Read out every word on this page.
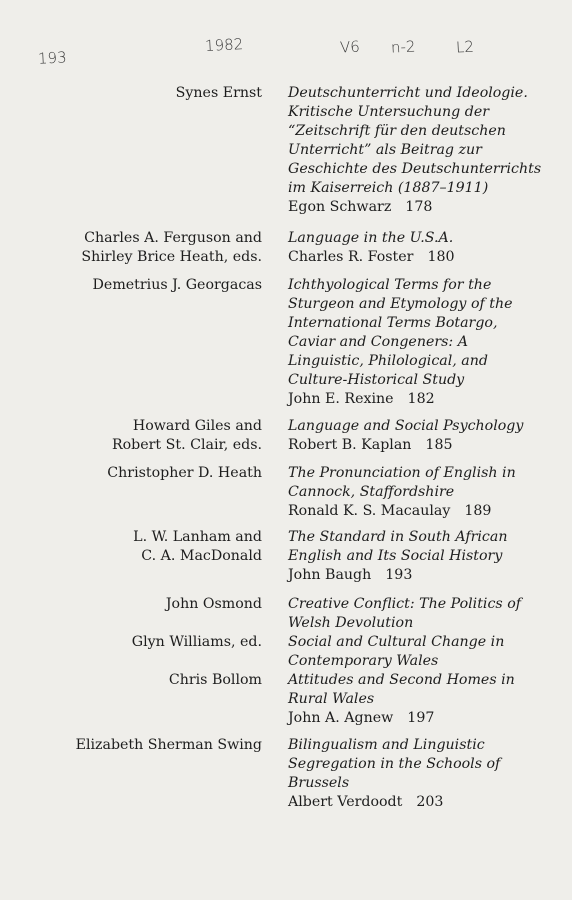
193
1982	V6 n-2	L2
Synes Ernst Deutschunterricht und Ideologie.
Kritische Untersuchung der
“Zeitschrift für den deutschen
Unterricht” als Beitrag zur
Geschichte des Deutschunterrichts
im Kaiserreich (1887–1911)
Egon Schwarz 178
Charles A. Ferguson and
Shirley Brice Heath, eds.
Language in the U.S.A.
Charles R. Foster 180
Demetrius J. Georgacas Ichthyological Terms for the
Sturgeon and Etymology of the
International Terms Botargo,
Caviar and Congeners: A
Linguistic, Philological, and
Culture-Historical Study
John E. Rexine 182
Howard Giles and
Robert St. Clair, eds.
Language and Social Psychology
Robert B. Kaplan 185
Christopher D. Heath The Pronunciation of English in
Cannock, Staffordshire
Ronald K. S. Macaulay 189
L. W. Lanham and
C. A. MacDonald
The Standard in South African
English and Its Social History
John Baugh 193
John Osmond Creative Conflict: The Politics of
Welsh Devolution
Glyn Williams, ed. Social and Cultural Change in
Contemporary Wales
Chris Bollom Attitudes and Second Homes in
Rural Wales
John A. Agnew 197
Elizabeth Sherman Swing Bilingualism and Linguistic
Segregation in the Schools of
Brussels
Albert Verdoodt 203
